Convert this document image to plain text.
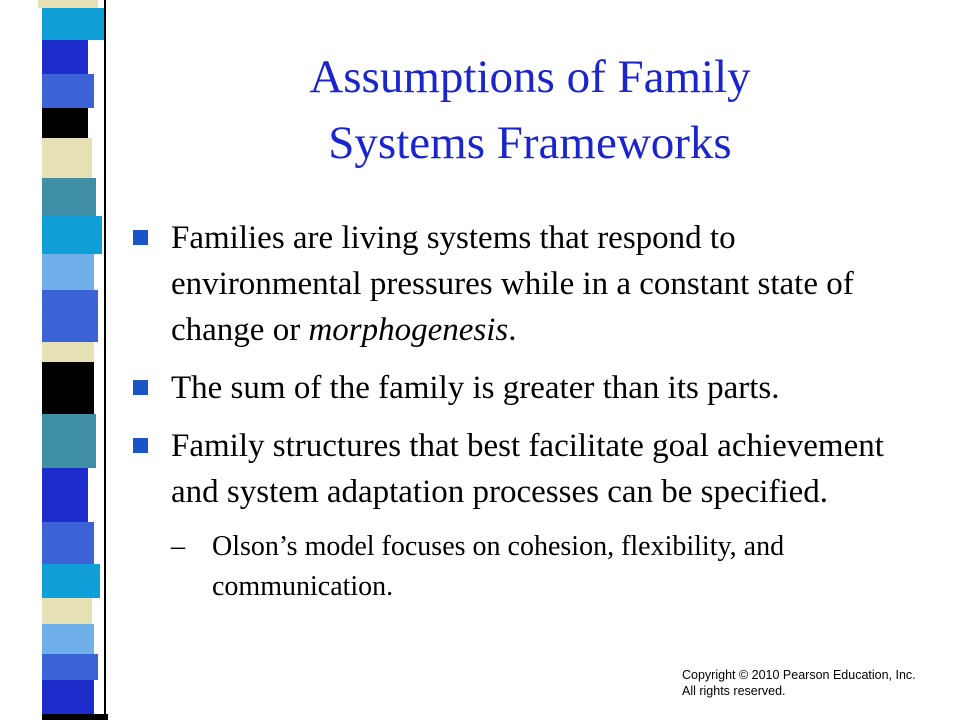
Assumptions of Family
Systems Frameworks
Families are living systems that respond to environmental pressures while in a constant state of change or morphogenesis.
The sum of the family is greater than its parts.
Family structures that best facilitate goal achievement and system adaptation processes can be specified.
– Olson’s model focuses on cohesion, flexibility, and communication.
Copyright © 2010 Pearson Education, Inc.
All rights reserved.
